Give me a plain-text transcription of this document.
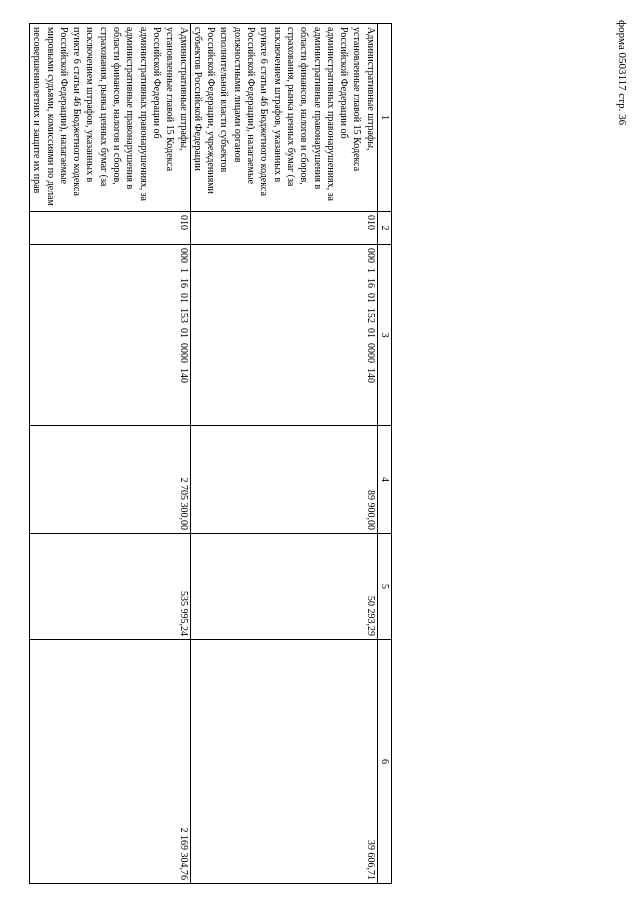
форма 0503117 стр. 36
1	2	3	4	5	6
Административные штрафы, установленные главой 15 Кодекса Российской Федерации об административных правонарушениях, за административные правонарушения в области финансов, налогов и сборов, страхования, рынка ценных бумаг (за исключением штрафов, указанных в пункте 6 статьи 46 Бюджетного кодекса Российской Федерации), налагаемые должностными лицами органов исполнительной власти субъектов Российской Федерации, учреждениями субъектов Российской Федерации	010	000  1  16  01  152  01  0000  140	89 900,00	50 293,29	39 606,71
Административные штрафы, установленные главой 15 Кодекса Российской Федерации об административных правонарушениях, за административные правонарушения в области финансов, налогов и сборов, страхования, рынка ценных бумаг (за исключением штрафов, указанных в пункте 6 статьи 46 Бюджетного кодекса Российской Федерации), налагаемые мировыми судьями, комиссиями по делам несовершеннолетних и защите их прав	010	000  1  16  01  153  01  0000  140	2 705 300,00	535 995,24	2 169 304,76
